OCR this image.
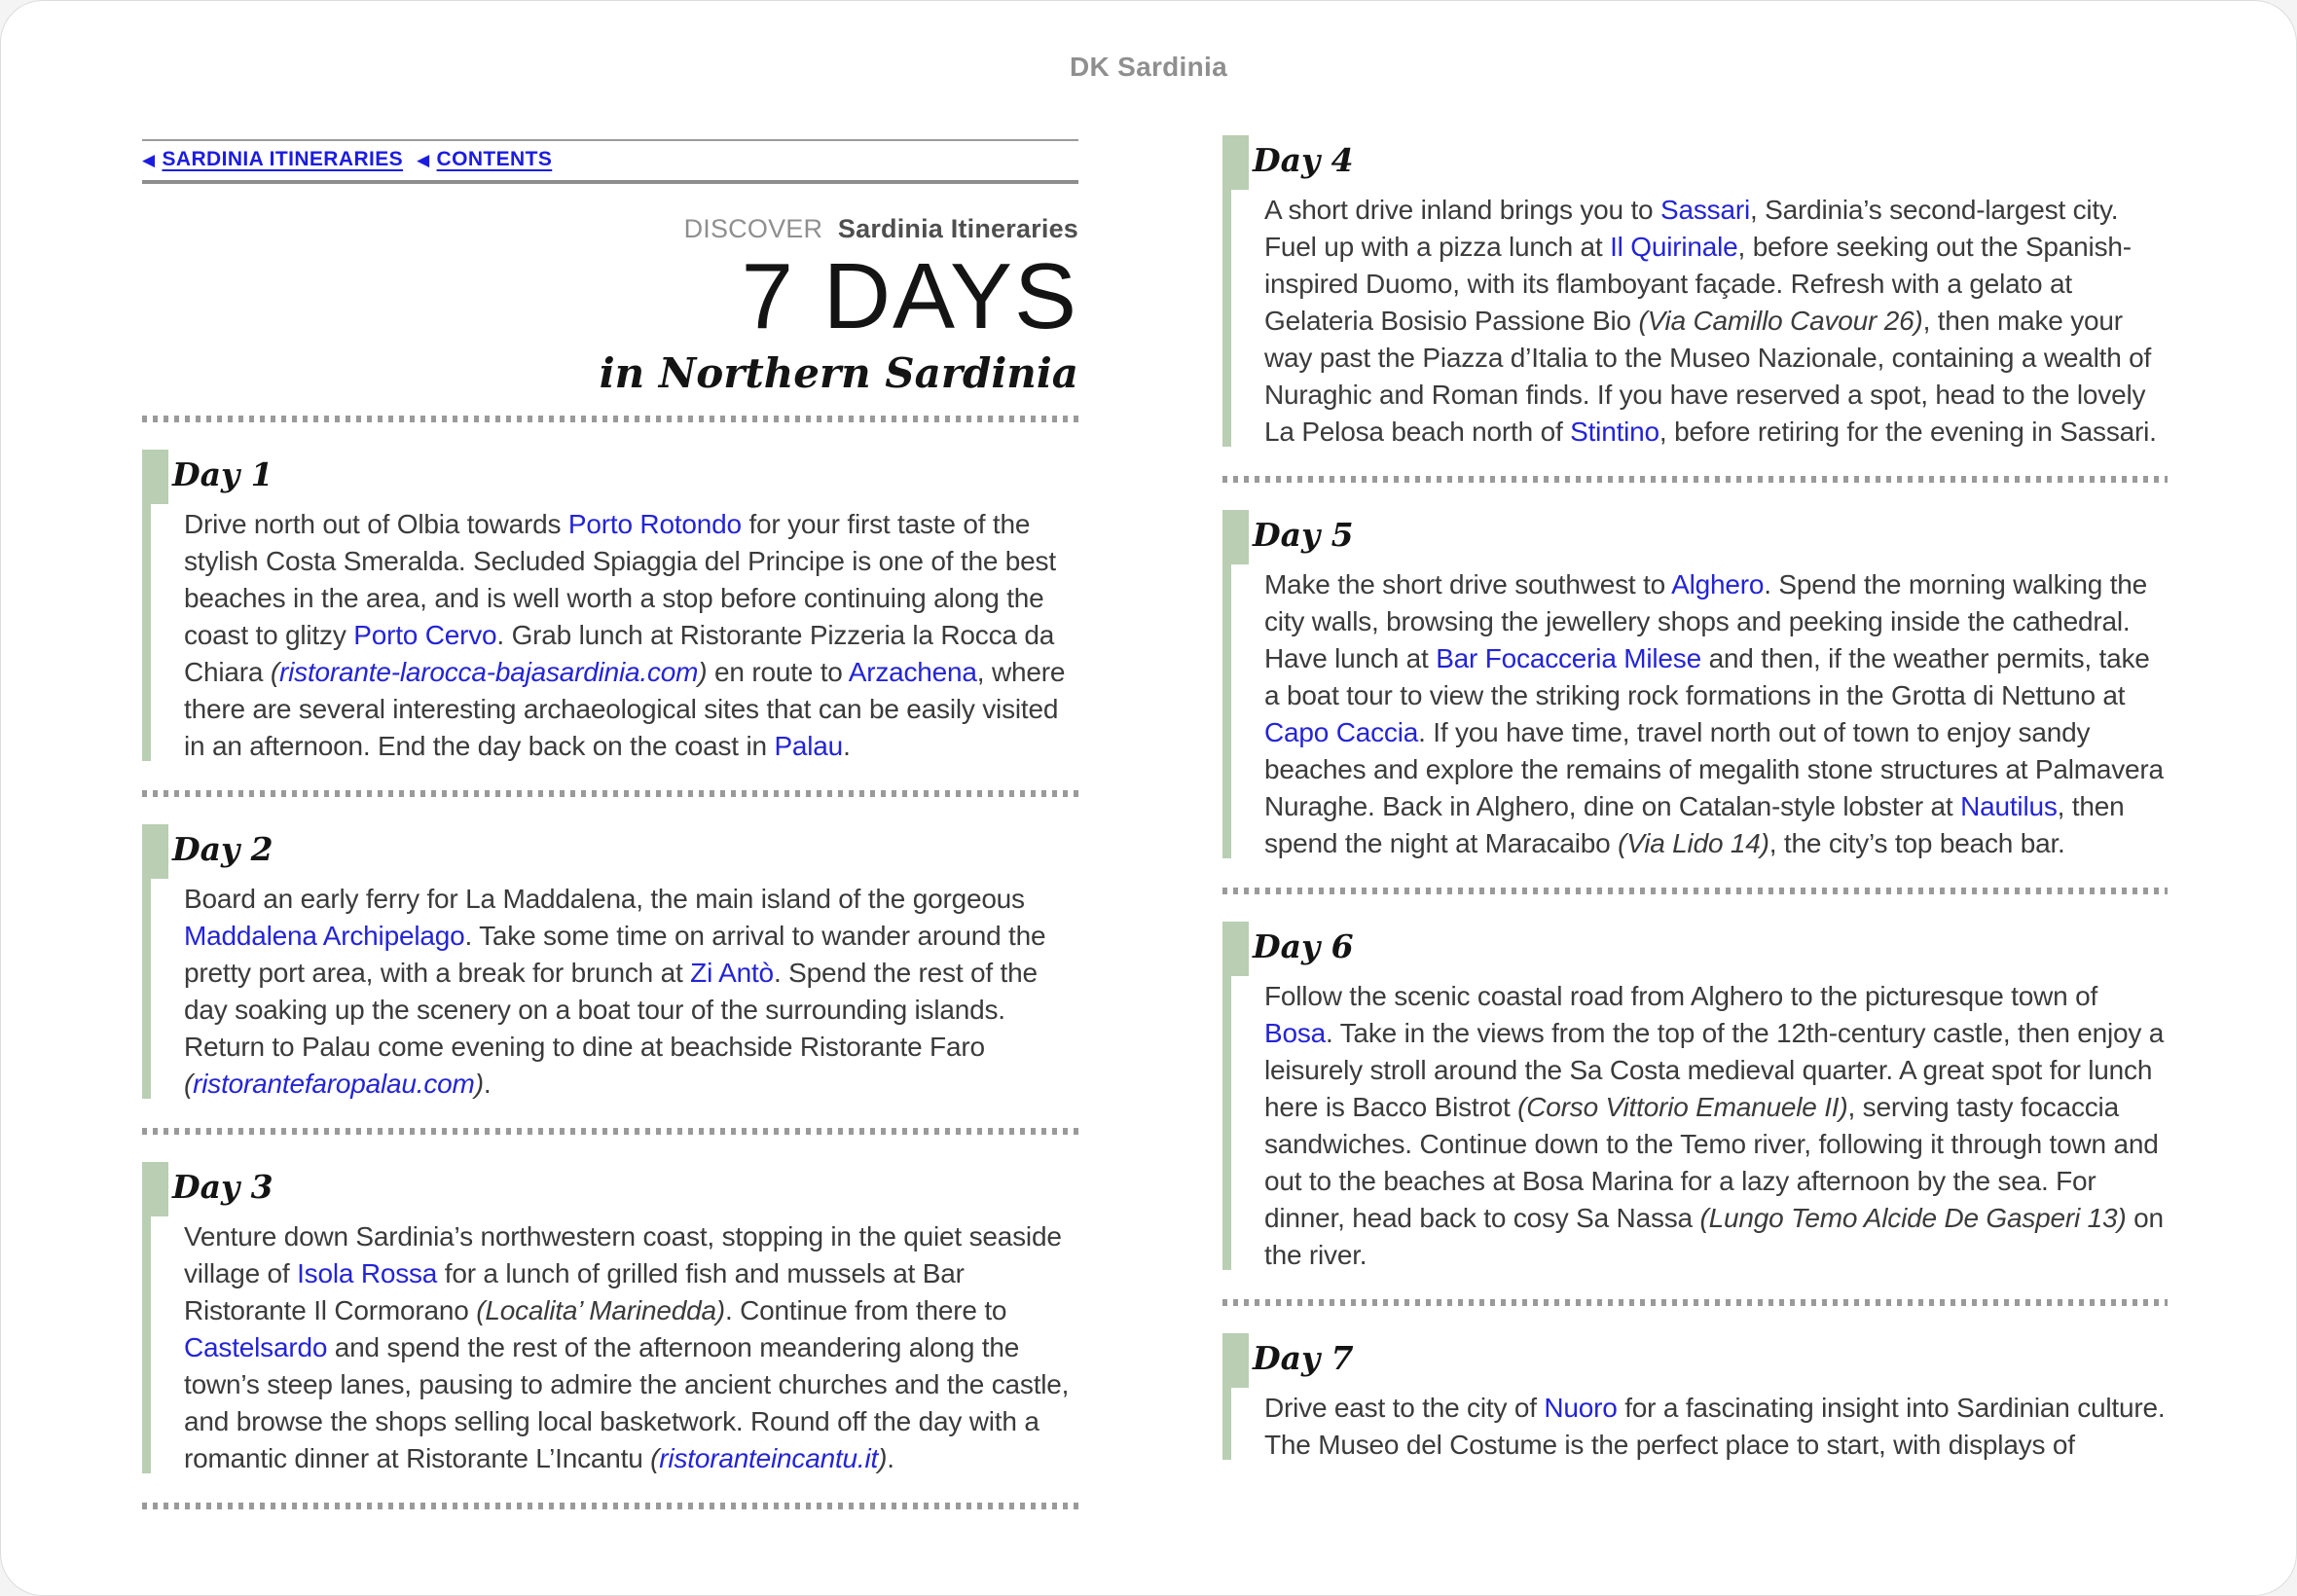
DK Sardinia
◀ SARDINIA ITINERARIES ◀ CONTENTS
DISCOVER Sardinia Itineraries
7 DAYS
in Northern Sardinia
Day 1

Drive north out of Olbia towards Porto Rotondo for your first taste of the stylish Costa Smeralda. Secluded Spiaggia del Principe is one of the best beaches in the area, and is well worth a stop before continuing along the coast to glitzy Porto Cervo. Grab lunch at Ristorante Pizzeria la Rocca da Chiara (ristorante-larocca-bajasardinia.com) en route to Arzachena, where there are several interesting archaeological sites that can be easily visited in an afternoon. End the day back on the coast in Palau.

Day 2

Board an early ferry for La Maddalena, the main island of the gorgeous Maddalena Archipelago. Take some time on arrival to wander around the pretty port area, with a break for brunch at Zi Antò. Spend the rest of the day soaking up the scenery on a boat tour of the surrounding islands. Return to Palau come evening to dine at beachside Ristorante Faro (ristorantefaropalau.com).

Day 3

Venture down Sardinia’s northwestern coast, stopping in the quiet seaside village of Isola Rossa for a lunch of grilled fish and mussels at Bar Ristorante Il Cormorano (Localita’ Marinedda). Continue from there to Castelsardo and spend the rest of the afternoon meandering along the town’s steep lanes, pausing to admire the ancient churches and the castle, and browse the shops selling local basketwork. Round off the day with a romantic dinner at Ristorante L’Incantu (ristoranteincantu.it).

Day 4

A short drive inland brings you to Sassari, Sardinia’s second-largest city. Fuel up with a pizza lunch at Il Quirinale, before seeking out the Spanish-inspired Duomo, with its flamboyant façade. Refresh with a gelato at Gelateria Bosisio Passione Bio (Via Camillo Cavour 26), then make your way past the Piazza d’Italia to the Museo Nazionale, containing a wealth of Nuraghic and Roman finds. If you have reserved a spot, head to the lovely La Pelosa beach north of Stintino, before retiring for the evening in Sassari.

Day 5

Make the short drive southwest to Alghero. Spend the morning walking the city walls, browsing the jewellery shops and peeking inside the cathedral. Have lunch at Bar Focacceria Milese and then, if the weather permits, take a boat tour to view the striking rock formations in the Grotta di Nettuno at Capo Caccia. If you have time, travel north out of town to enjoy sandy beaches and explore the remains of megalith stone structures at Palmavera Nuraghe. Back in Alghero, dine on Catalan-style lobster at Nautilus, then spend the night at Maracaibo (Via Lido 14), the city’s top beach bar.

Day 6

Follow the scenic coastal road from Alghero to the picturesque town of Bosa. Take in the views from the top of the 12th-century castle, then enjoy a leisurely stroll around the Sa Costa medieval quarter. A great spot for lunch here is Bacco Bistrot (Corso Vittorio Emanuele II), serving tasty focaccia sandwiches. Continue down to the Temo river, following it through town and out to the beaches at Bosa Marina for a lazy afternoon by the sea. For dinner, head back to cosy Sa Nassa (Lungo Temo Alcide De Gasperi 13) on the river.

Day 7

Drive east to the city of Nuoro for a fascinating insight into Sardinian culture. The Museo del Costume is the perfect place to start, with displays of
